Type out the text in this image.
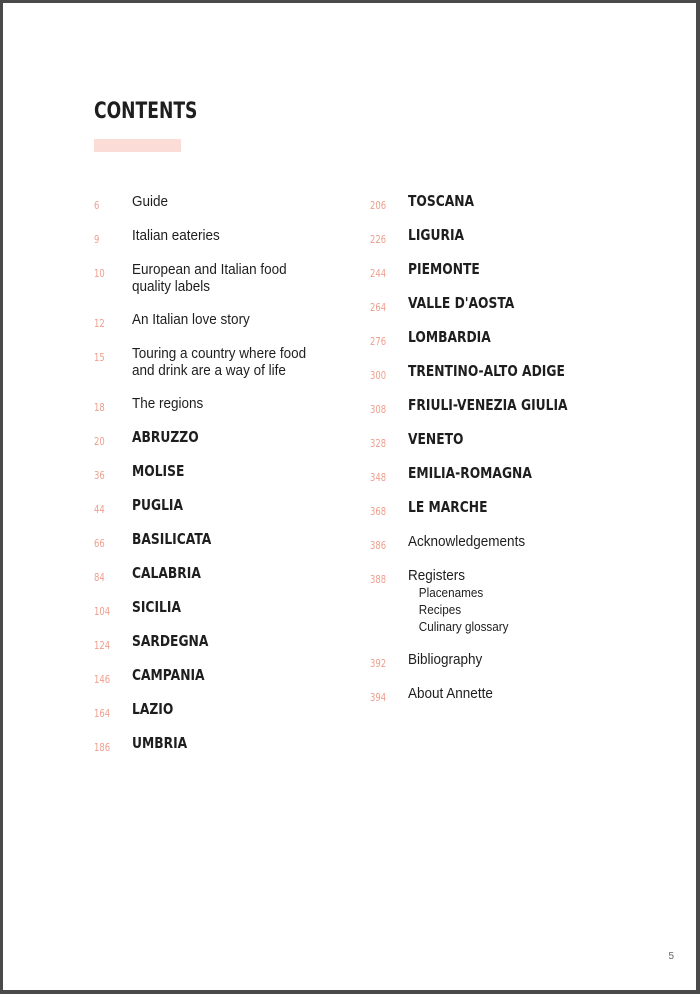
CONTENTS
6	Guide
9	Italian eateries
10	European and Italian food
quality labels
12	An Italian love story
15	Touring a country where food
and drink are a way of life
18	The regions
20	ABRUZZO
36	MOLISE
44	PUGLIA
66	BASILICATA
84	CALABRIA
104	SICILIA
124	SARDEGNA
146	CAMPANIA
164	LAZIO
186	UMBRIA
206	TOSCANA
226	LIGURIA
244	PIEMONTE
264	VALLE D'AOSTA
276	LOMBARDIA
300	TRENTINO-ALTO ADIGE
308	FRIULI-VENEZIA GIULIA
328	VENETO
348	EMILIA-ROMAGNA
368	LE MARCHE
386	Acknowledgements
388	Registers
Placenames
Recipes
Culinary glossary
392	Bibliography
394	About Annette
5
